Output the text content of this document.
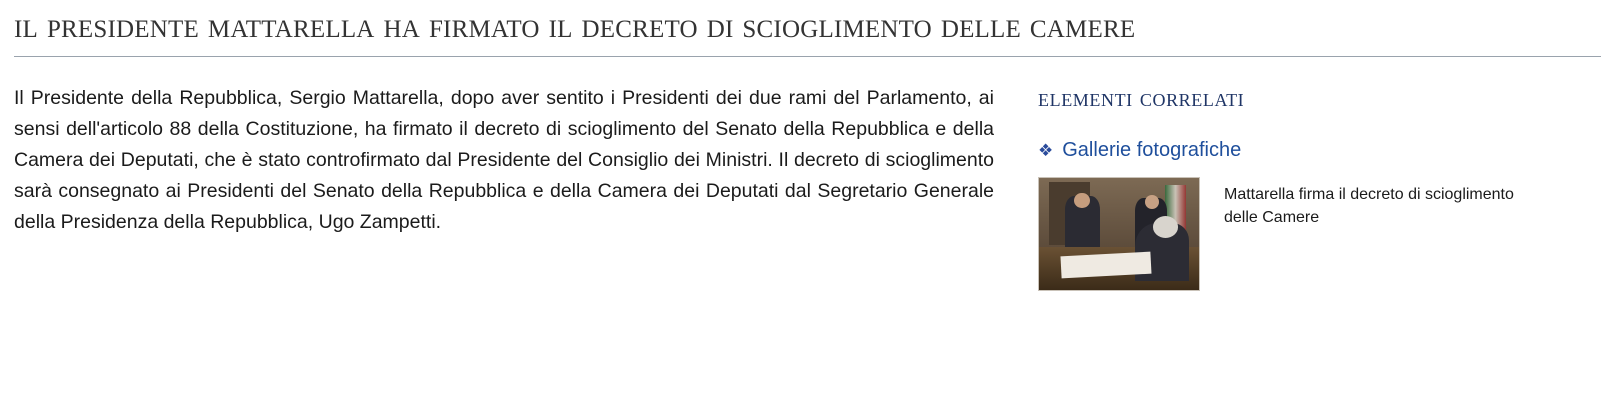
il presidente mattarella ha firmato il decreto di scioglimento delle camere

Il Presidente della Repubblica, Sergio Mattarella, dopo aver sentito i Presidenti dei due rami del Parlamento, ai sensi dell'articolo 88 della Costituzione, ha firmato il decreto di scioglimento del Senato della Repubblica e della Camera dei Deputati, che è stato controfirmato dal Presidente del Consiglio dei Ministri. Il decreto di scioglimento sarà consegnato ai Presidenti del Senato della Repubblica e della Camera dei Deputati dal Segretario Generale della Presidenza della Repubblica, Ugo Zampetti.

elementi correlati
❖ Gallerie fotografiche
Mattarella firma il decreto di scioglimento delle Camere
